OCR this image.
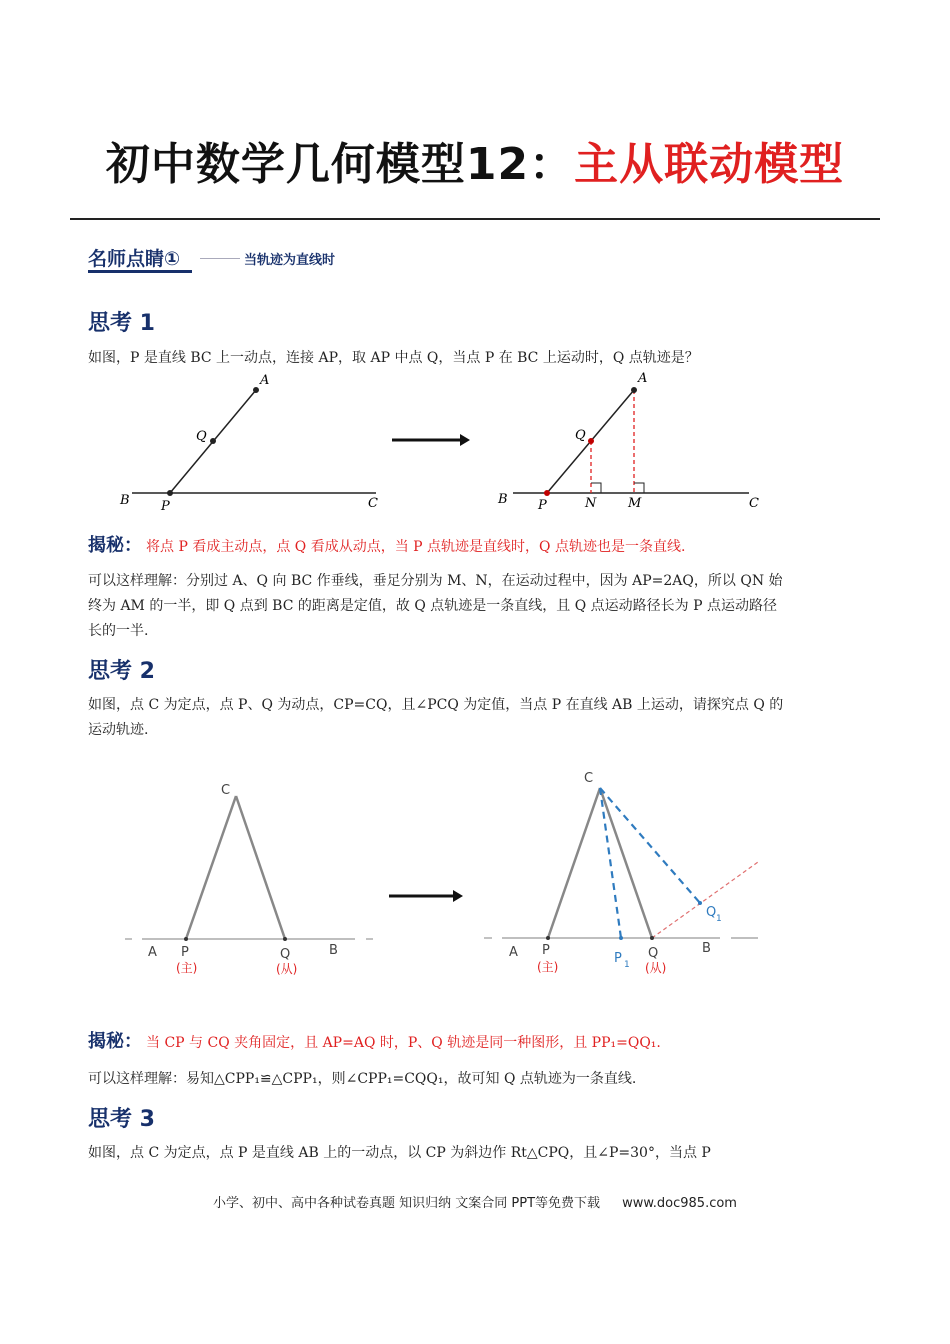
初中数学几何模型12：主从联动模型
名师点睛①	当轨迹为直线时
思考 1
如图，P 是直线 BC 上一动点，连接 AP，取 AP 中点 Q，当点 P 在 BC 上运动时，Q 点轨迹是？
A
Q
B P	C
A
Q
B P	N M	C
揭秘： 将点 P 看成主动点，点 Q 看成从动点，当 P 点轨迹是直线时，Q 点轨迹也是一条直线.
可以这样理解：分别过 A、Q 向 BC 作垂线，垂足分别为 M、N，在运动过程中，因为 AP=2AQ，所以 QN 始终为 AM 的一半，即 Q 点到 BC 的距离是定值，故 Q 点轨迹是一条直线，且 Q 点运动路径长为 P 点运动路径长的一半.
思考 2
如图，点 C 为定点，点 P、Q 为动点，CP=CQ，且∠PCQ 为定值，当点 P 在直线 AB 上运动，请探究点 Q 的运动轨迹.
C
A P	Q	B
(主)	(从)
C
A P	Q	B
P 1
Q 1
(主)	(从)
揭秘： 当 CP 与 CQ 夹角固定，且 AP=AQ 时，P、Q 轨迹是同一种图形，且 PP₁=QQ₁.
可以这样理解：易知△CPP₁≌△CPP₁，则∠CPP₁=CQQ₁，故可知 Q 点轨迹为一条直线.
思考 3
如图，点 C 为定点，点 P 是直线 AB 上的一动点，以 CP 为斜边作 Rt△CPQ，且∠P=30°，当点 P
小学、初中、高中各种试卷真题 知识归纳 文案合同 PPT等免费下载 www.doc985.com
